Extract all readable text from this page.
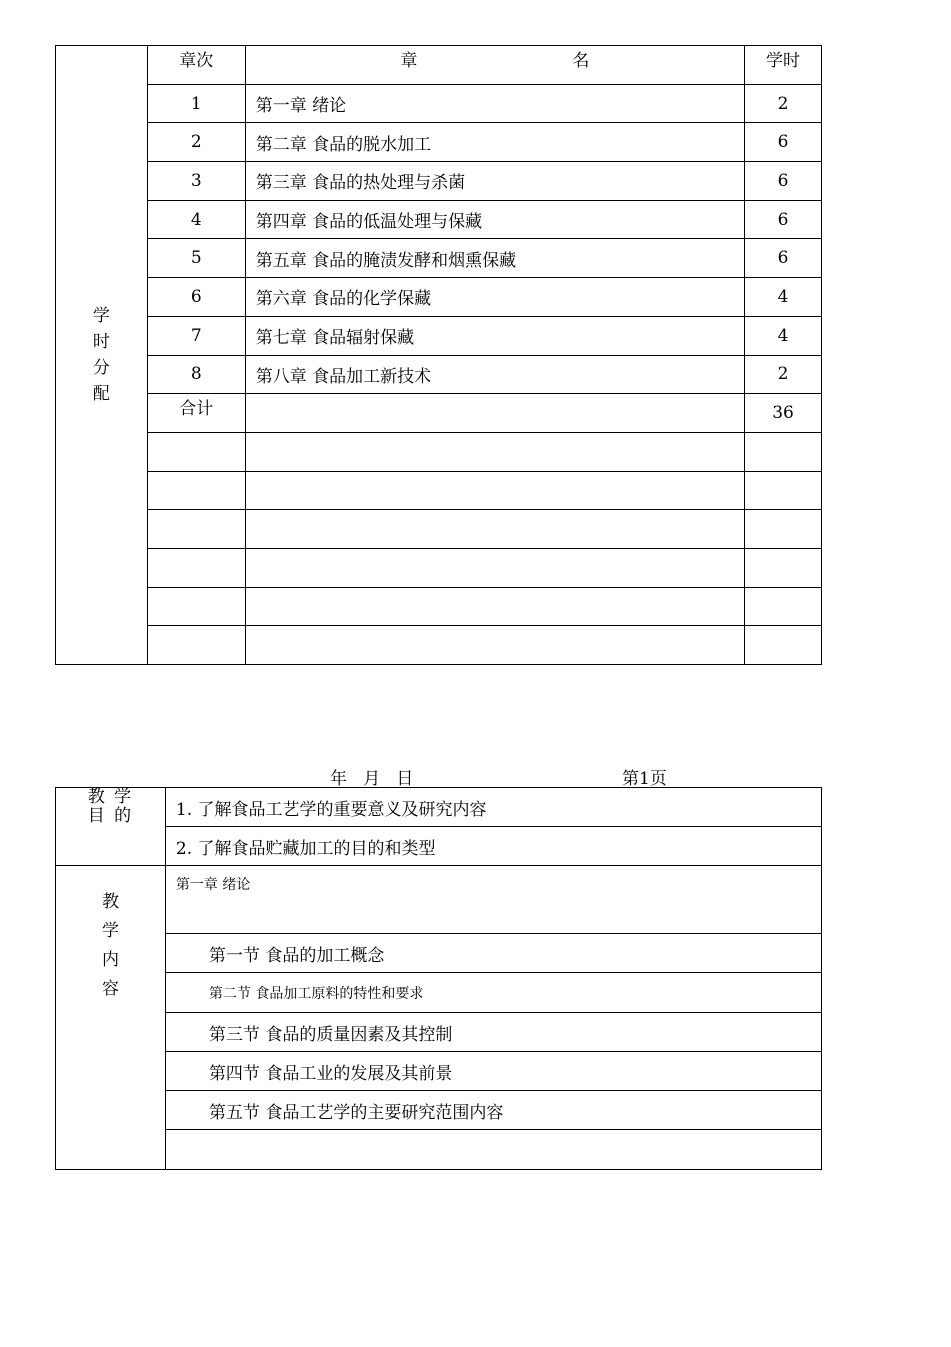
学
时
分
配	章次	章 名	学时
	1	第一章 绪论	2
	2	第二章 食品的脱水加工	6
	3	第三章 食品的热处理与杀菌	6
	4	第四章 食品的低温处理与保藏	6
	5	第五章 食品的腌渍发酵和烟熏保藏	6
	6	第六章 食品的化学保藏	4
	7	第七章 食品辐射保藏	4
	8	第八章 食品加工新技术	2
	合计		36

年   月   日	第1页
教 学 目 的	1. 了解食品工艺学的重要意义及研究内容
	2. 了解食品贮藏加工的目的和类型

教
学
内
容	第一章 绪论
	第一节 食品的加工概念
	第二节 食品加工原料的特性和要求
	第三节 食品的质量因素及其控制
	第四节 食品工业的发展及其前景
	第五节 食品工艺学的主要研究范围内容
